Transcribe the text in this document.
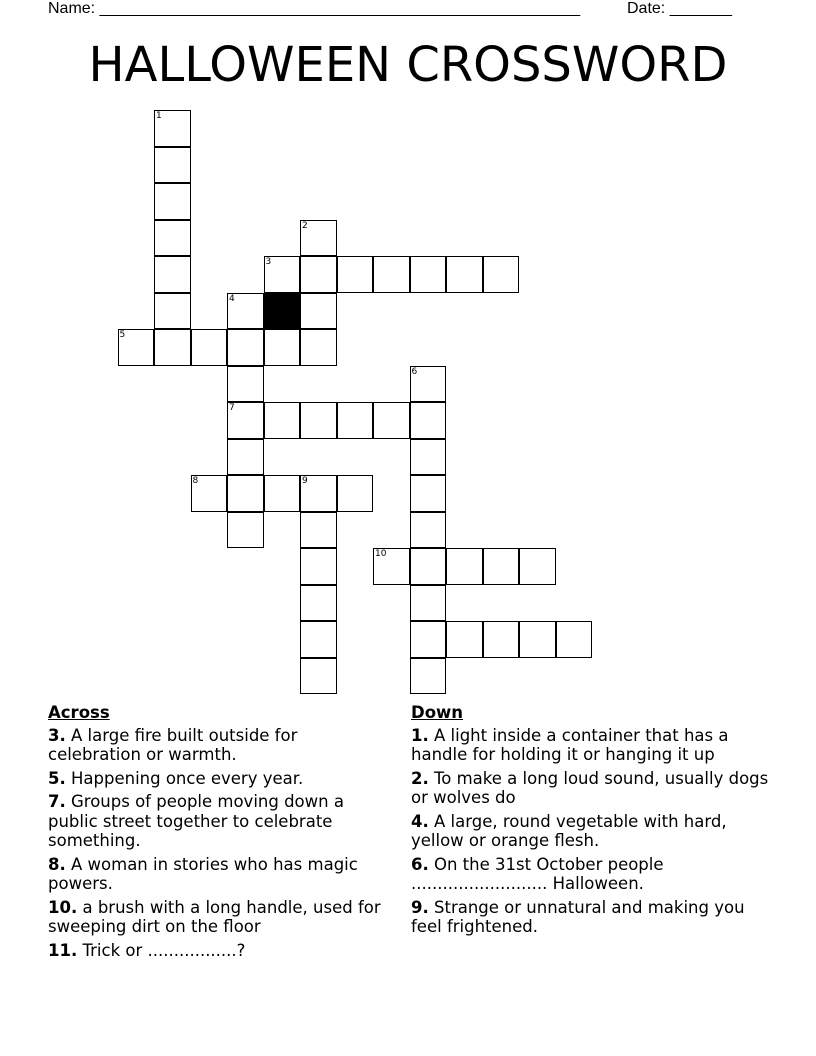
Name: ______________________________________________________	Date: _______
HALLOWEEN CROSSWORD
1
2
3
4
5
6
7
8	9
10
Across
3. A large fire built outside for celebration or warmth.
5. Happening once every year.
7. Groups of people moving down a public street together to celebrate something.
8. A woman in stories who has magic powers.
10. a brush with a long handle, used for sweeping dirt on the floor
11. Trick or .................?
Down
1. A light inside a container that has a handle for holding it or hanging it up
2. To make a long loud sound, usually dogs or wolves do
4. A large, round vegetable with hard, yellow or orange flesh.
6. On the 31st October people .......................... Halloween.
9. Strange or unnatural and making you feel frightened.
